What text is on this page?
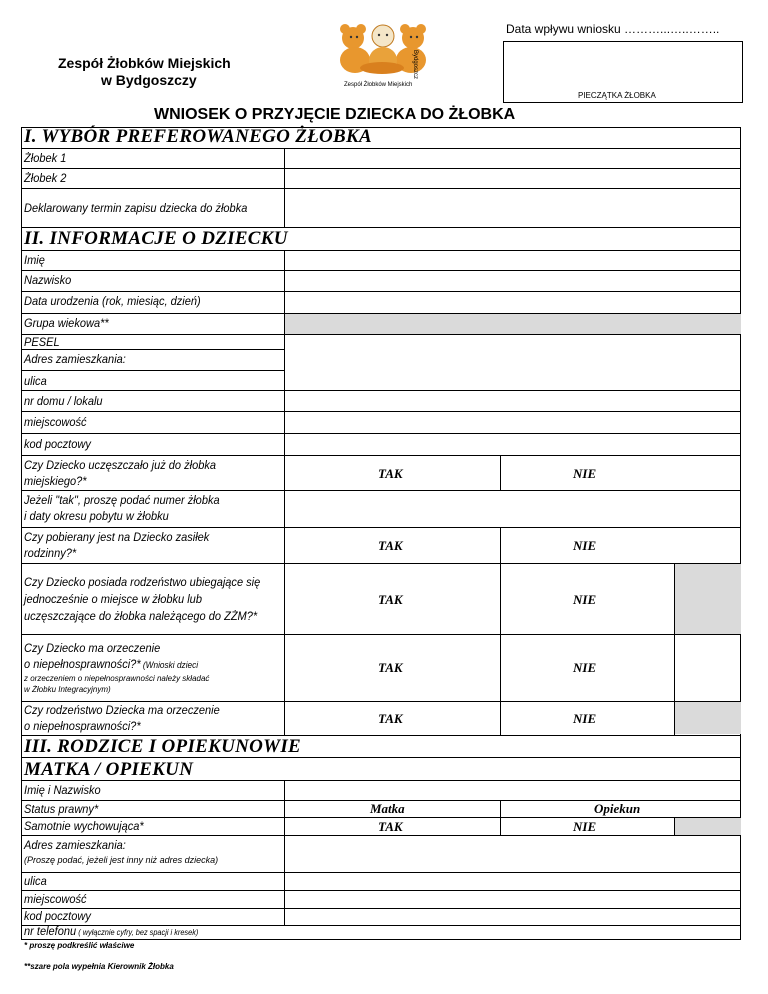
Data wpływu wniosku ………...…..……..
PIECZĄTKA ŻŁOBKA
Zespół Żłobków Miejskich
w Bydgoszczy	Zespół Żłobków Miejskich
Bydgoszcz
WNIOSEK O PRZYJĘCIE DZIECKA DO ŻŁOBKA
I. WYBÓR PREFEROWANEGO ŻŁOBKA
Żłobek 1
Żłobek 2
Deklarowany termin zapisu dziecka do żłobka
II. INFORMACJE O DZIECKU
Imię
Nazwisko
Data urodzenia (rok, miesiąc, dzień)
Grupa wiekowa**
PESEL
Adres zamieszkania:
ulica
nr domu / lokalu
miejscowość
kod pocztowy
Czy Dziecko uczęszczało już do żłobka
miejskiego?*	TAK	NIE
Jeżeli "tak", proszę podać numer żłobka
i daty okresu pobytu w żłobku
Czy pobierany jest na Dziecko zasiłek
rodzinny?*	TAK	NIE
Czy Dziecko posiada rodzeństwo ubiegające się
jednocześnie o miejsce w żłobku lub
uczęszczające do żłobka należącego do ZŻM?*
TAK	NIE
Czy Dziecko ma orzeczenie
o niepełnosprawności?* (Wnioski dzieci
z orzeczeniem o niepełnosprawności należy składać
w Żłobku Integracyjnym)
TAK	NIE
Czy rodzeństwo Dziecka ma orzeczenie
o niepełnosprawności?*	TAK	NIE
III. RODZICE I OPIEKUNOWIE
MATKA / OPIEKUN
Imię i Nazwisko
Status prawny*	Matka	Opiekun
Samotnie wychowująca*	TAK	NIE
Adres zamieszkania:
(Proszę podać, jeżeli jest inny niż adres dziecka)
ulica
miejscowość
kod pocztowy
nr telefonu ( wyłącznie cyfry, bez spacji i kresek)
* proszę podkreślić właściwe
**szare pola wypełnia Kierownik Żłobka
